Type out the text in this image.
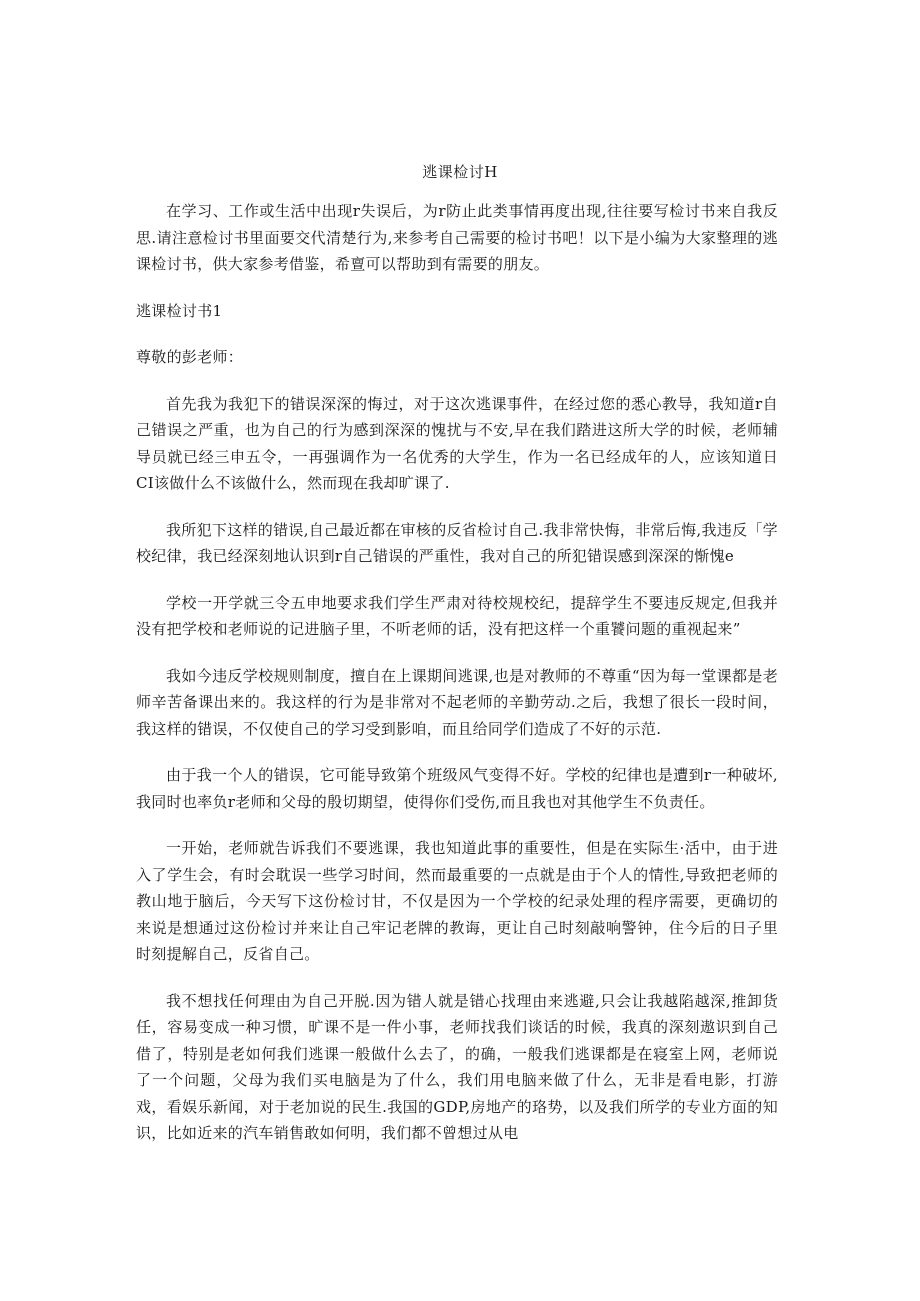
逃课检讨H

在学习、工作或生活中出现r失误后，为r防止此类事情再度出现,往往要写检讨书来自我反思.请注意检讨书里面要交代清楚行为,来参考自己需要的检讨书吧！以下是小编为大家整理的逃课检讨书，供大家参考借鉴，希亶可以帮助到有需要的朋友。

逃课检讨书1

尊敬的彭老师：

首先我为我犯下的错误深深的悔过，对于这次逃课事件，在经过您的悉心教导，我知道r自己错误之严重，也为自己的行为感到深深的愧扰与不安,早在我们踏进这所大学的时候，老师辅导员就已经三申五令，一再强调作为一名优秀的大学生，作为一名已经成年的人，应该知道日CI该做什么不该做什么，然而现在我却旷课了.

我所犯下这样的错误,自己最近都在审核的反省检讨自己.我非常快悔，非常后悔,我违反「学校纪律，我已经深刻地认识到r自己错误的严重性，我对自己的所犯错误感到深深的惭愧e

学校一开学就三令五申地要求我们学生严肃对待校规校纪，提辞学生不要违反规定,但我并没有把学校和老师说的记进脑子里，不听老师的话，没有把这样一个重饕问题的重视起来”

我如今违反学校规则制度，擅自在上课期间逃课,也是对教师的不尊重“因为每一堂课都是老师辛苦备课出来的。我这样的行为是非常对不起老师的辛勤劳动.之后，我想了很长一段时间，我这样的错误，不仅使自己的学习受到影咱，而且给同学们造成了不好的示范.

由于我一个人的错误，它可能导致第个班级风气变得不好。学校的纪律也是遭到r一种破坏,我同时也率负r老师和父母的殷切期望，使得你们受伤,而且我也对其他学生不负责任。

一开始，老师就告诉我们不要逃课，我也知道此事的重要性，但是在实际生·活中，由于进入了学生会，有时会耽误一些学习时间，然而最重要的一点就是由于个人的情性,导致把老师的教山地于脑后，今天写下这份检讨甘，不仅是因为一个学校的纪录处理的程序需要，更确切的来说是想通过这份检讨并来让自己牢记老牌的教诲，更让自己时刻敲响警钟，住今后的日子里时刻提解自己，反省自己。

我不想找任何理由为自己开脱.因为错人就是错心找理由来逃避,只会让我越陷越深,推卸货任，容易变成一种习惯，旷课不是一件小事，老师找我们谈话的时候，我真的深刻遨识到自己借了，特别是老如何我们逃课一般做什么去了，的确，一般我们逃课都是在寝室上网，老师说了一个问题，父母为我们买电脑是为了什么，我们用电脑来做了什么，无非是看电影，打游戏，看娱乐新闻，对于老加说的民生.我国的GDP,房地产的珞势，以及我们所学的专业方面的知识，比如近来的汽车销售敢如何明，我们都不曾想过从电
